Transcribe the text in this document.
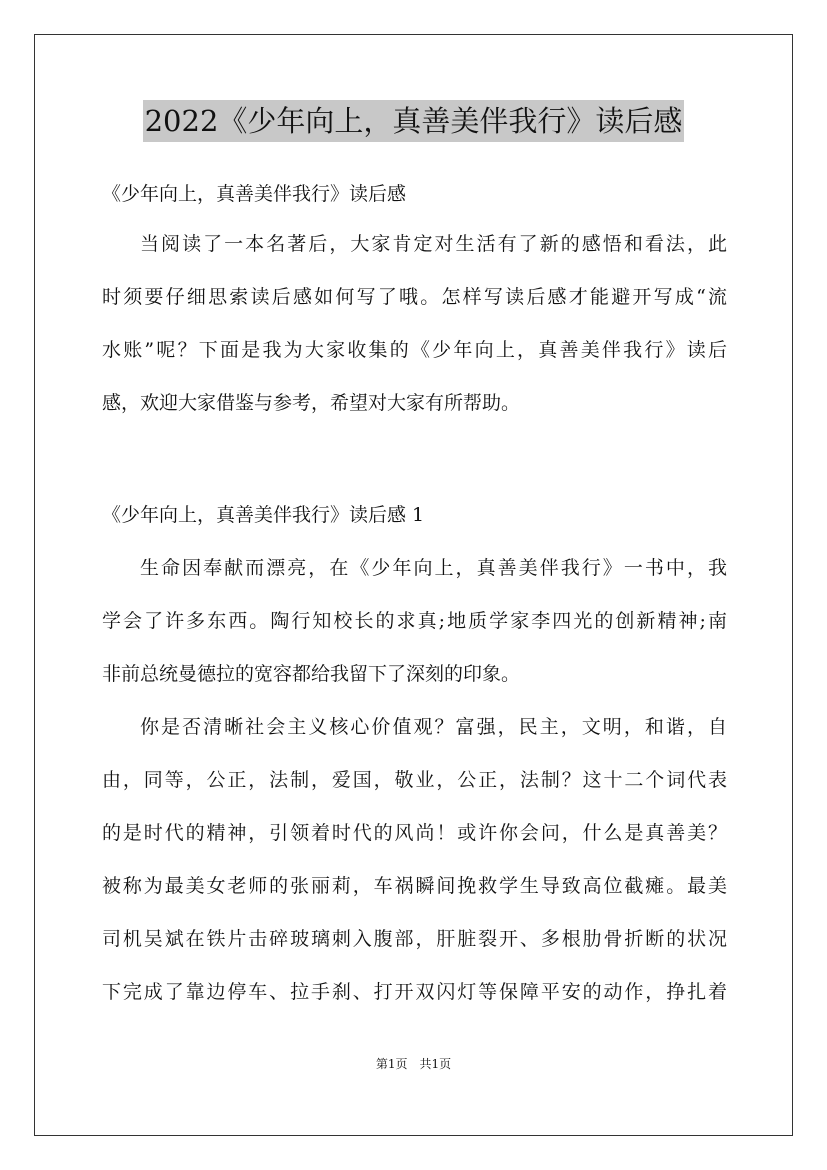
2022《少年向上，真善美伴我行》读后感
《少年向上，真善美伴我行》读后感
当阅读了一本名著后，大家肯定对生活有了新的感悟和看法，此
时须要仔细思索读后感如何写了哦。怎样写读后感才能避开写成“流
水账”呢？下面是我为大家收集的《少年向上，真善美伴我行》读后
感，欢迎大家借鉴与参考，希望对大家有所帮助。
《少年向上，真善美伴我行》读后感 1
生命因奉献而漂亮，在《少年向上，真善美伴我行》一书中，我
学会了许多东西。陶行知校长的求真;地质学家李四光的创新精神;南
非前总统曼德拉的宽容都给我留下了深刻的印象。
你是否清晰社会主义核心价值观？富强，民主，文明，和谐，自
由，同等，公正，法制，爱国，敬业，公正，法制？这十二个词代表
的是时代的精神，引领着时代的风尚！或许你会问，什么是真善美？
被称为最美女老师的张丽莉，车祸瞬间挽救学生导致高位截瘫。最美
司机吴斌在铁片击碎玻璃刺入腹部，肝脏裂开、多根肋骨折断的状况
下完成了靠边停车、拉手刹、打开双闪灯等保障平安的动作，挣扎着
第1页　共1页
